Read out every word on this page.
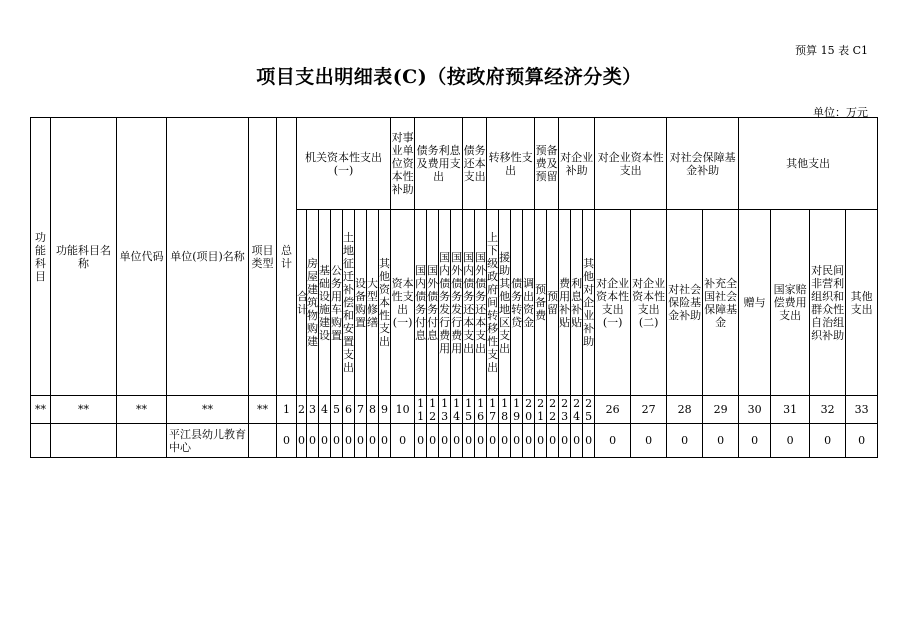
预算 15 表 C1
项目支出明细表(C)（按政府预算经济分类）
单位：万元
功能科目	功能科目名称	单位代码	单位(项目)名称	项目类型	总计	机关资本性支出(一)								对事业单位资本性补助	债务利息及费用支出				债务还本支出		转移性支出				预备费及预留		对企业补助			对企业资本性支出		对社会保障基金补助		其他支出			
						合计	房屋建筑物购建	基础设施建设	公务用车购置	土地征迁补偿和安置支出	设备购置	大型修缮	其他资本性支出	资本性支出(一)	国内债务付息	国外债务付息	国内债务发行费用	国外债务发行费用	国内债务还本支出	国外债务还本支出	上下级政府间转移性支出	援助其他地区支出	债务转贷	调出资金	预备费	预留	费用补贴	利息补贴	其他对企业补助	对企业资本性支出(一)	对企业资本性支出(二)	对社会保险基金补助	补充全国社会保障基金	赠与	国家赔偿费用支出	对民间非营利组织和群众性自治组织补助	其他支出
**	**	**	**	**	1	2	3	4	5	6	7	8	9	10	11	12	13	14	15	16	17	18	19	20	21	22	23	24	25	26	27	28	29	30	31	32	33
			平江县幼儿教育中心		0	0	0	0	0	0	0	0	0	0	0	0	0	0	0	0	0	0	0	0	0	0	0	0	0	0	0	0	0	0	0	0	0
